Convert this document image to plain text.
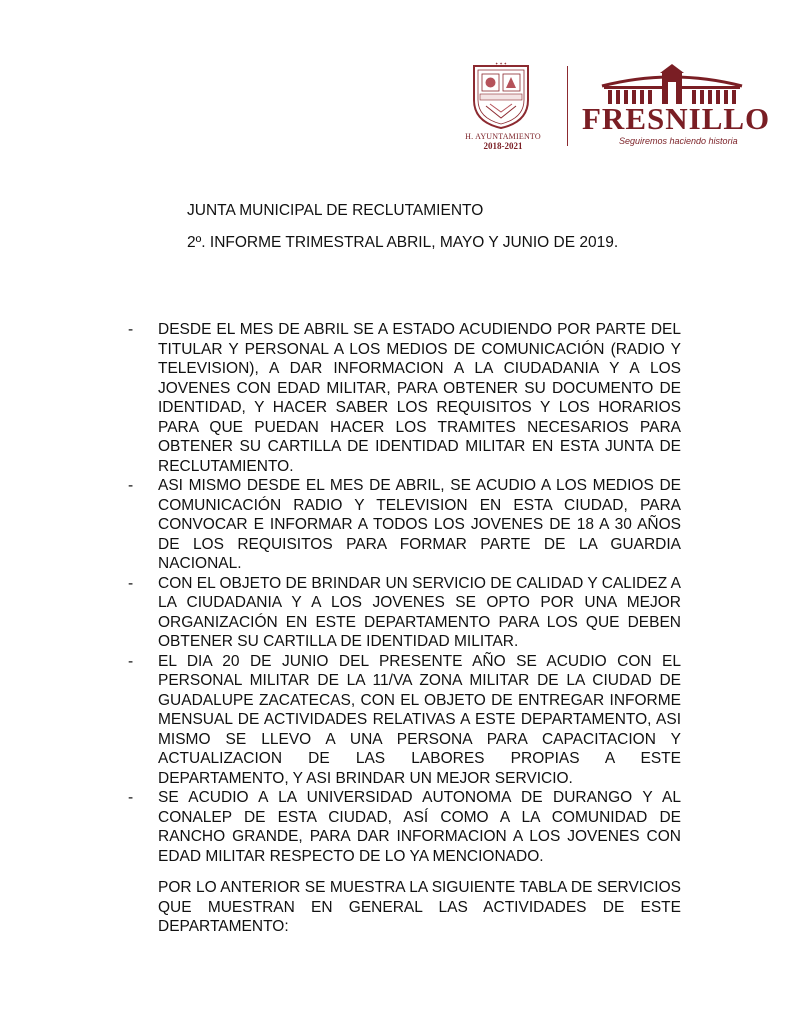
✦ ✦ ✦
H. AYUNTAMIENTO
2018-2021
FRESNILLO
Seguiremos haciendo historia
JUNTA MUNICIPAL DE RECLUTAMIENTO
2º. INFORME TRIMESTRAL ABRIL, MAYO Y JUNIO DE 2019.
- DESDE EL MES DE ABRIL SE A ESTADO ACUDIENDO POR PARTE DEL TITULAR Y PERSONAL A LOS MEDIOS DE COMUNICACIÓN (RADIO Y TELEVISION), A DAR INFORMACION A LA CIUDADANIA Y A LOS JOVENES CON EDAD MILITAR, PARA OBTENER SU DOCUMENTO DE IDENTIDAD, Y HACER SABER LOS REQUISITOS Y LOS HORARIOS PARA QUE PUEDAN HACER LOS TRAMITES NECESARIOS PARA OBTENER SU CARTILLA DE IDENTIDAD MILITAR EN ESTA JUNTA DE RECLUTAMIENTO.
- ASI MISMO DESDE EL MES DE ABRIL, SE ACUDIO A LOS MEDIOS DE COMUNICACIÓN RADIO Y TELEVISION EN ESTA CIUDAD, PARA CONVOCAR E INFORMAR A TODOS LOS JOVENES DE 18 A 30 AÑOS DE LOS REQUISITOS PARA FORMAR PARTE DE LA GUARDIA NACIONAL.
- CON EL OBJETO DE BRINDAR UN SERVICIO DE CALIDAD Y CALIDEZ A LA CIUDADANIA Y A LOS JOVENES SE OPTO POR UNA MEJOR ORGANIZACIÓN EN ESTE DEPARTAMENTO PARA LOS QUE DEBEN OBTENER SU CARTILLA DE IDENTIDAD MILITAR.
- EL DIA 20 DE JUNIO DEL PRESENTE AÑO SE ACUDIO CON EL PERSONAL MILITAR DE LA 11/VA ZONA MILITAR DE LA CIUDAD DE GUADALUPE ZACATECAS, CON EL OBJETO DE ENTREGAR INFORME MENSUAL DE ACTIVIDADES RELATIVAS A ESTE DEPARTAMENTO, ASI MISMO SE LLEVO A UNA PERSONA PARA CAPACITACION Y ACTUALIZACION DE LAS LABORES PROPIAS A ESTE DEPARTAMENTO, Y ASI BRINDAR UN MEJOR SERVICIO.
- SE ACUDIO A LA UNIVERSIDAD AUTONOMA DE DURANGO Y AL CONALEP DE ESTA CIUDAD, ASÍ COMO A LA COMUNIDAD DE RANCHO GRANDE, PARA DAR INFORMACION A LOS JOVENES CON EDAD MILITAR RESPECTO DE LO YA MENCIONADO.

POR LO ANTERIOR SE MUESTRA LA SIGUIENTE TABLA DE SERVICIOS QUE MUESTRAN EN GENERAL LAS ACTIVIDADES DE ESTE DEPARTAMENTO:
